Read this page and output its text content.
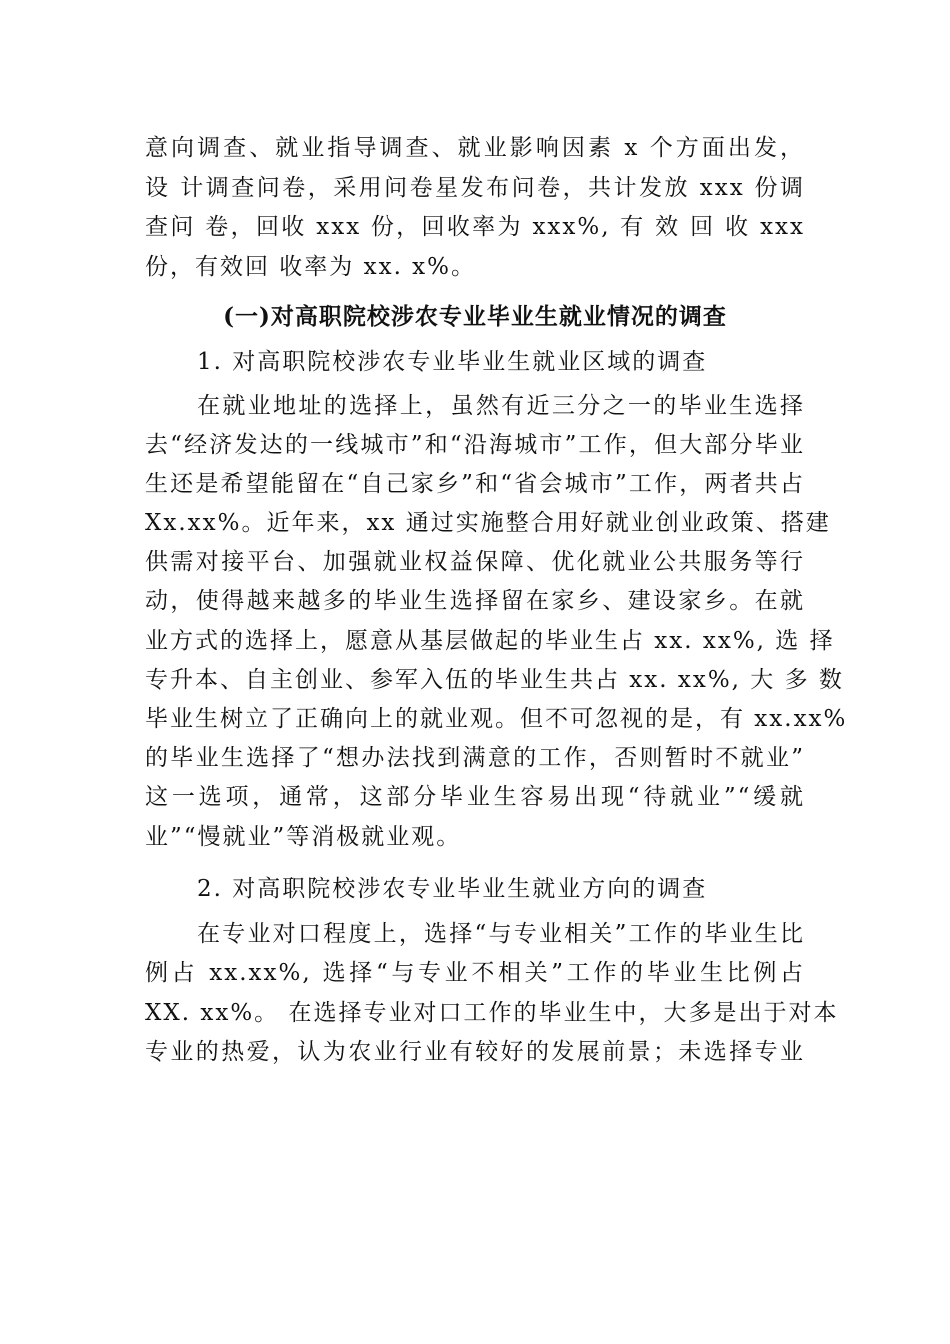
(一)对高职院校涉农专业毕业生就业情况的调查
意向调查、就业指导调查、就业影响因素 x 个方面出发，
设 计调查问卷，采用问卷星发布问卷，共计发放 xxx 份调
查问 卷，回收 xxx 份，回收率为 xxx%, 有 效 回 收 xxx
份，有效回 收率为 xx. x%。
1. 对高职院校涉农专业毕业生就业区域的调查
在就业地址的选择上，虽然有近三分之一的毕业生选择
去“经济发达的一线城市”和“沿海城市”工作，但大部分毕业
生还是希望能留在“自己家乡”和“省会城市”工作，两者共占
Xx.xx%。近年来，xx 通过实施整合用好就业创业政策、搭建
供需对接平台、加强就业权益保障、优化就业公共服务等行
动，使得越来越多的毕业生选择留在家乡、建设家乡。在就
业方式的选择上，愿意从基层做起的毕业生占 xx. xx%, 选 择
专升本、自主创业、参军入伍的毕业生共占 xx. xx%, 大 多 数
毕业生树立了正确向上的就业观。但不可忽视的是，有 xx.xx%
的毕业生选择了“想办法找到满意的工作，否则暂时不就业”
这一选项，通常，这部分毕业生容易出现“待就业”“缓就
业”“慢就业”等消极就业观。
2. 对高职院校涉农专业毕业生就业方向的调查
在专业对口程度上，选择“与专业相关”工作的毕业生比
例占 xx.xx%, 选择“与专业不相关”工作的毕业生比例占
XX. xx%。 在选择专业对口工作的毕业生中，大多是出于对本
专业的热爱，认为农业行业有较好的发展前景；未选择专业
